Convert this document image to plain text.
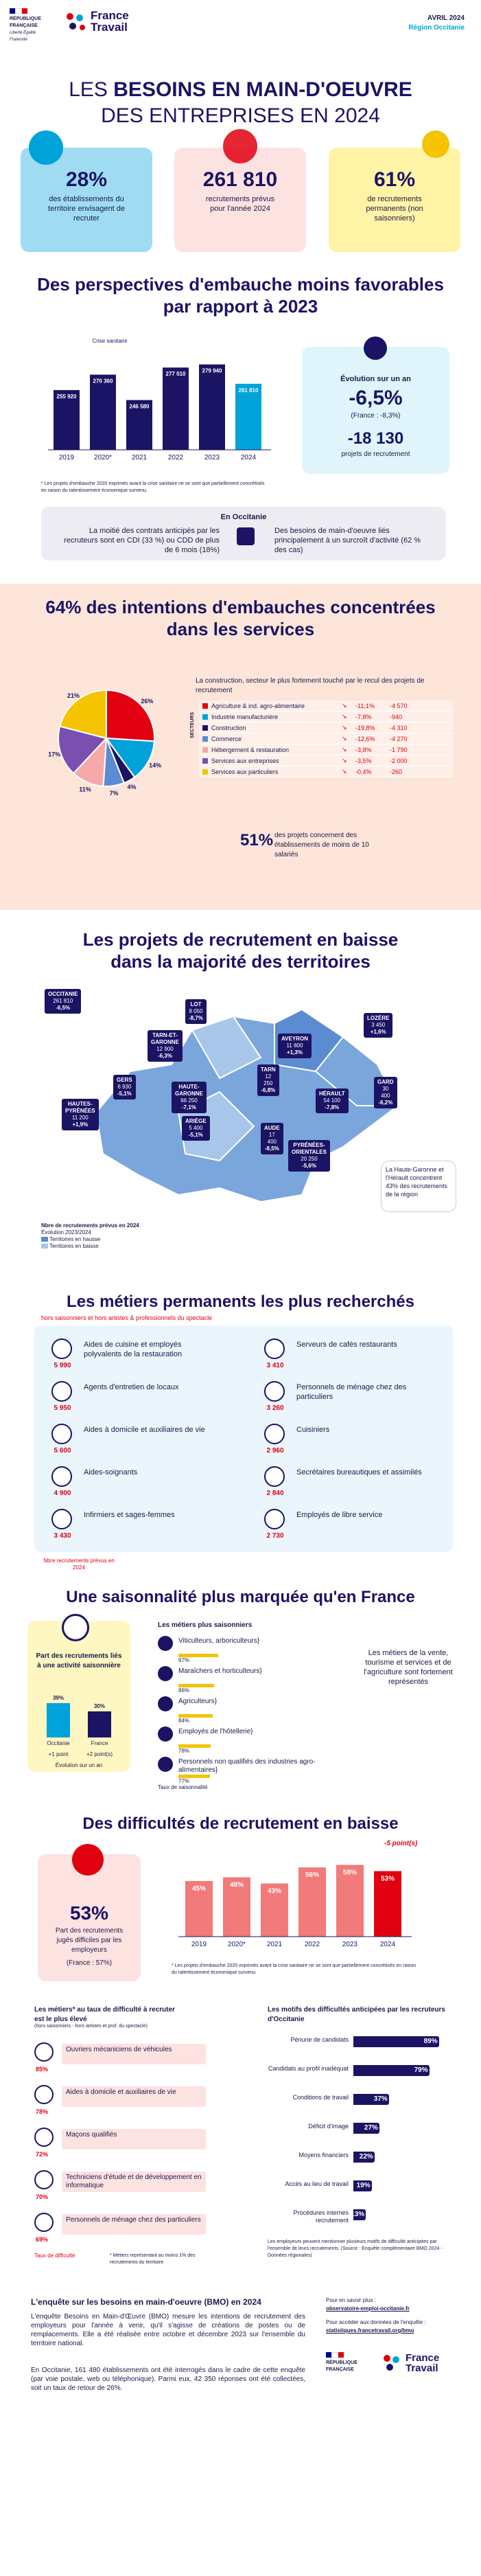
RÉPUBLIQUE FRANÇAISE
Liberté Égalité Fraternité
France Travail
AVRIL 2024
Région Occitanie
LES BESOINS EN MAIN-D'OEUVRE
DES ENTREPRISES EN 2024
28%
des établissements du territoire envisagent de recruter
261 810
recrutements prévus pour l'année 2024
61%
de recrutements permanents (non saisonniers)
Des perspectives d'embauche moins favorables
par rapport à 2023
255 920
2019
270 360
2020*
246 580
2021
277 010
2022
279 940
2023
261 810
2024
Crise sanitaire
* Les projets d'embauche 2020 exprimés avant la crise sanitaire ne se sont que partiellement concrétisés en raison du ralentissement économique survenu.
Évolution sur un an
-6,5%
(France : -8,3%)
-18 130
projets de recrutement
En Occitanie
La moitié des contrats anticipés par les recruteurs sont en CDI (33 %) ou CDD de plus de 6 mois (18%)
Des besoins de main-d'oeuvre liés principalement à un surcroît d'activité (62 % des cas)
64% des intentions d'embauches concentrées
dans les services
26%
14%
4%
7%
11%
17%
21%
La construction, secteur le plus fortement touché par le recul des projets de recrutement
SECTEURS
Agriculture & ind. agro-alimentaire	↘	-11,1%	-4 570
Industrie manufacturière	↘	-7,8%	-940
Construction	↘	-19,8%	-4 310
Commerce	↘	-12,6%	-4 270
Hébergement & restauration	↘	-3,8%	-1 790
Services aux entreprises	↘	-3,5%	-2 000
Services aux particuliers	↘	-0,4%	-260
51% des projets concernent des établissements de moins de 10 salariés
Les projets de recrutement en baisse
dans la majorité des territoires
OCCITANIE
261 810
-6,5%
LOT
8 050
-8,7%	LOZÈRE
3 450
+1,6%
AVEYRON
11 800
+1,3%
TARN-ET-GARONNE
12 900
-6,3%
GERS
6 930
-5,1%
TARN
12 250
-6,8%
GARD
30 400
-6,2%
HAUTE-GARONNE
66 250
-7,1%
HÉRAULT
54 100
-7,8%
HAUTES-PYRÉNÉES
11 200
+1,9%
ARIÈGE
5 400
-5,1%
AUDE
17 400
-8,5%
PYRÉNÉES-ORIENTALES
20 250
-5,6%
La Haute-Garonne et l'Hérault concentrent 43% des recrutements de la région
Nbre de recrutements prévus en 2024
Évolution 2023/2024
Territoires en hausse
Territoires en baisse
Les métiers permanents les plus recherchés
hors saisonniers et hors artistes & professionnels du spectacle
5 990
Aides de cuisine et employés polyvalents de la restauration
5 950
Agents d'entretien de locaux
5 600
Aides à domicile et auxiliaires de vie
4 900
Aides-soignants
3 430
Infirmiers et sages-femmes
3 410
Serveurs de cafés restaurants
3 260
Personnels de ménage chez des particuliers
2 960
Cuisiniers
2 840
Secrétaires bureautiques et assimilés
2 730
Employés de libre service
Nbre recrutements prévus en 2024
Une saisonnalité plus marquée qu'en France
Part des recrutements liés à une activité saisonnière
39%
30%
Occitanie	France
+1 point	+2 point(s)
Évolution sur un an
Les métiers plus saisonniers
Viticulteurs, arboriculteurs}
97%
Maraîchers et horticulteurs}
86%
Agriculteurs}
84%
Employés de l'hôtellerie}
78%
Personnels non qualifiés des industries agro-alimentaires}
77%
Taux de saisonnalité
Les métiers de la vente, tourisme et services et de l'agriculture sont fortement représentés
Des difficultés de recrutement en baisse
53%
Part des recrutements jugés difficiles par les employeurs
(France : 57%)
45%
2019
48%
2020*
43%
2021
56%
2022
58%
2023
53%
2024
-5 point(s)
* Les projets d'embauche 2020 exprimés avant la crise sanitaire ne se sont que partiellement concrétisés en raison du ralentissement économique survenu.
Les métiers* au taux de difficulté à recruter est le plus élevé
(hors saisonniers - hors artistes et prof. du spectacle)
Ouvriers mécaniciens de véhicules
85%
Aides à domicile et auxiliaires de vie
78%
Maçons qualifiés
72%
Techniciens d'étude et de développement en informatique
70%
Personnels de ménage chez des particuliers
69%
Taux de difficulté	* Métiers représentant au moins 1% des recrutements du territoire
Les motifs des difficultés anticipées par les recruteurs d'Occitanie
Pénurie de candidats	89%
Candidats au profil inadéquat	79%
Conditions de travail	37%
Déficit d'image	27%
Moyens financiers	22%
Accès au lieu de travail	19%
Procédures internes recrutement
13%
Les employeurs peuvent mentionner plusieurs motifs de difficulté anticipées par l'ensemble de leurs recrutements. (Source : Enquête complémentaire BMO 2024 - Données régionales)
L'enquête sur les besoins en main-d'oeuvre (BMO) en 2024
L'enquête Besoins en Main-d'Œuvre (BMO) mesure les intentions de recrutement des employeurs pour l'année à venir, qu'il s'agisse de créations de postes ou de remplacements. Elle a été réalisée entre octobre et décembre 2023 sur l'ensemble du territoire national.
En Occitanie, 161 480 établissements ont été interrogés dans le cadre de cette enquête (par voie postale, web ou téléphonique). Parmi eux, 42 350 réponses ont été collectées, soit un taux de retour de 26%.
Pour en savoir plus :
observatoire-emploi-occitanie.fr
Pour accéder aux données de l'enquête :
statistiques.francetravail.org/bmo
RÉPUBLIQUE FRANÇAISE
France Travail
